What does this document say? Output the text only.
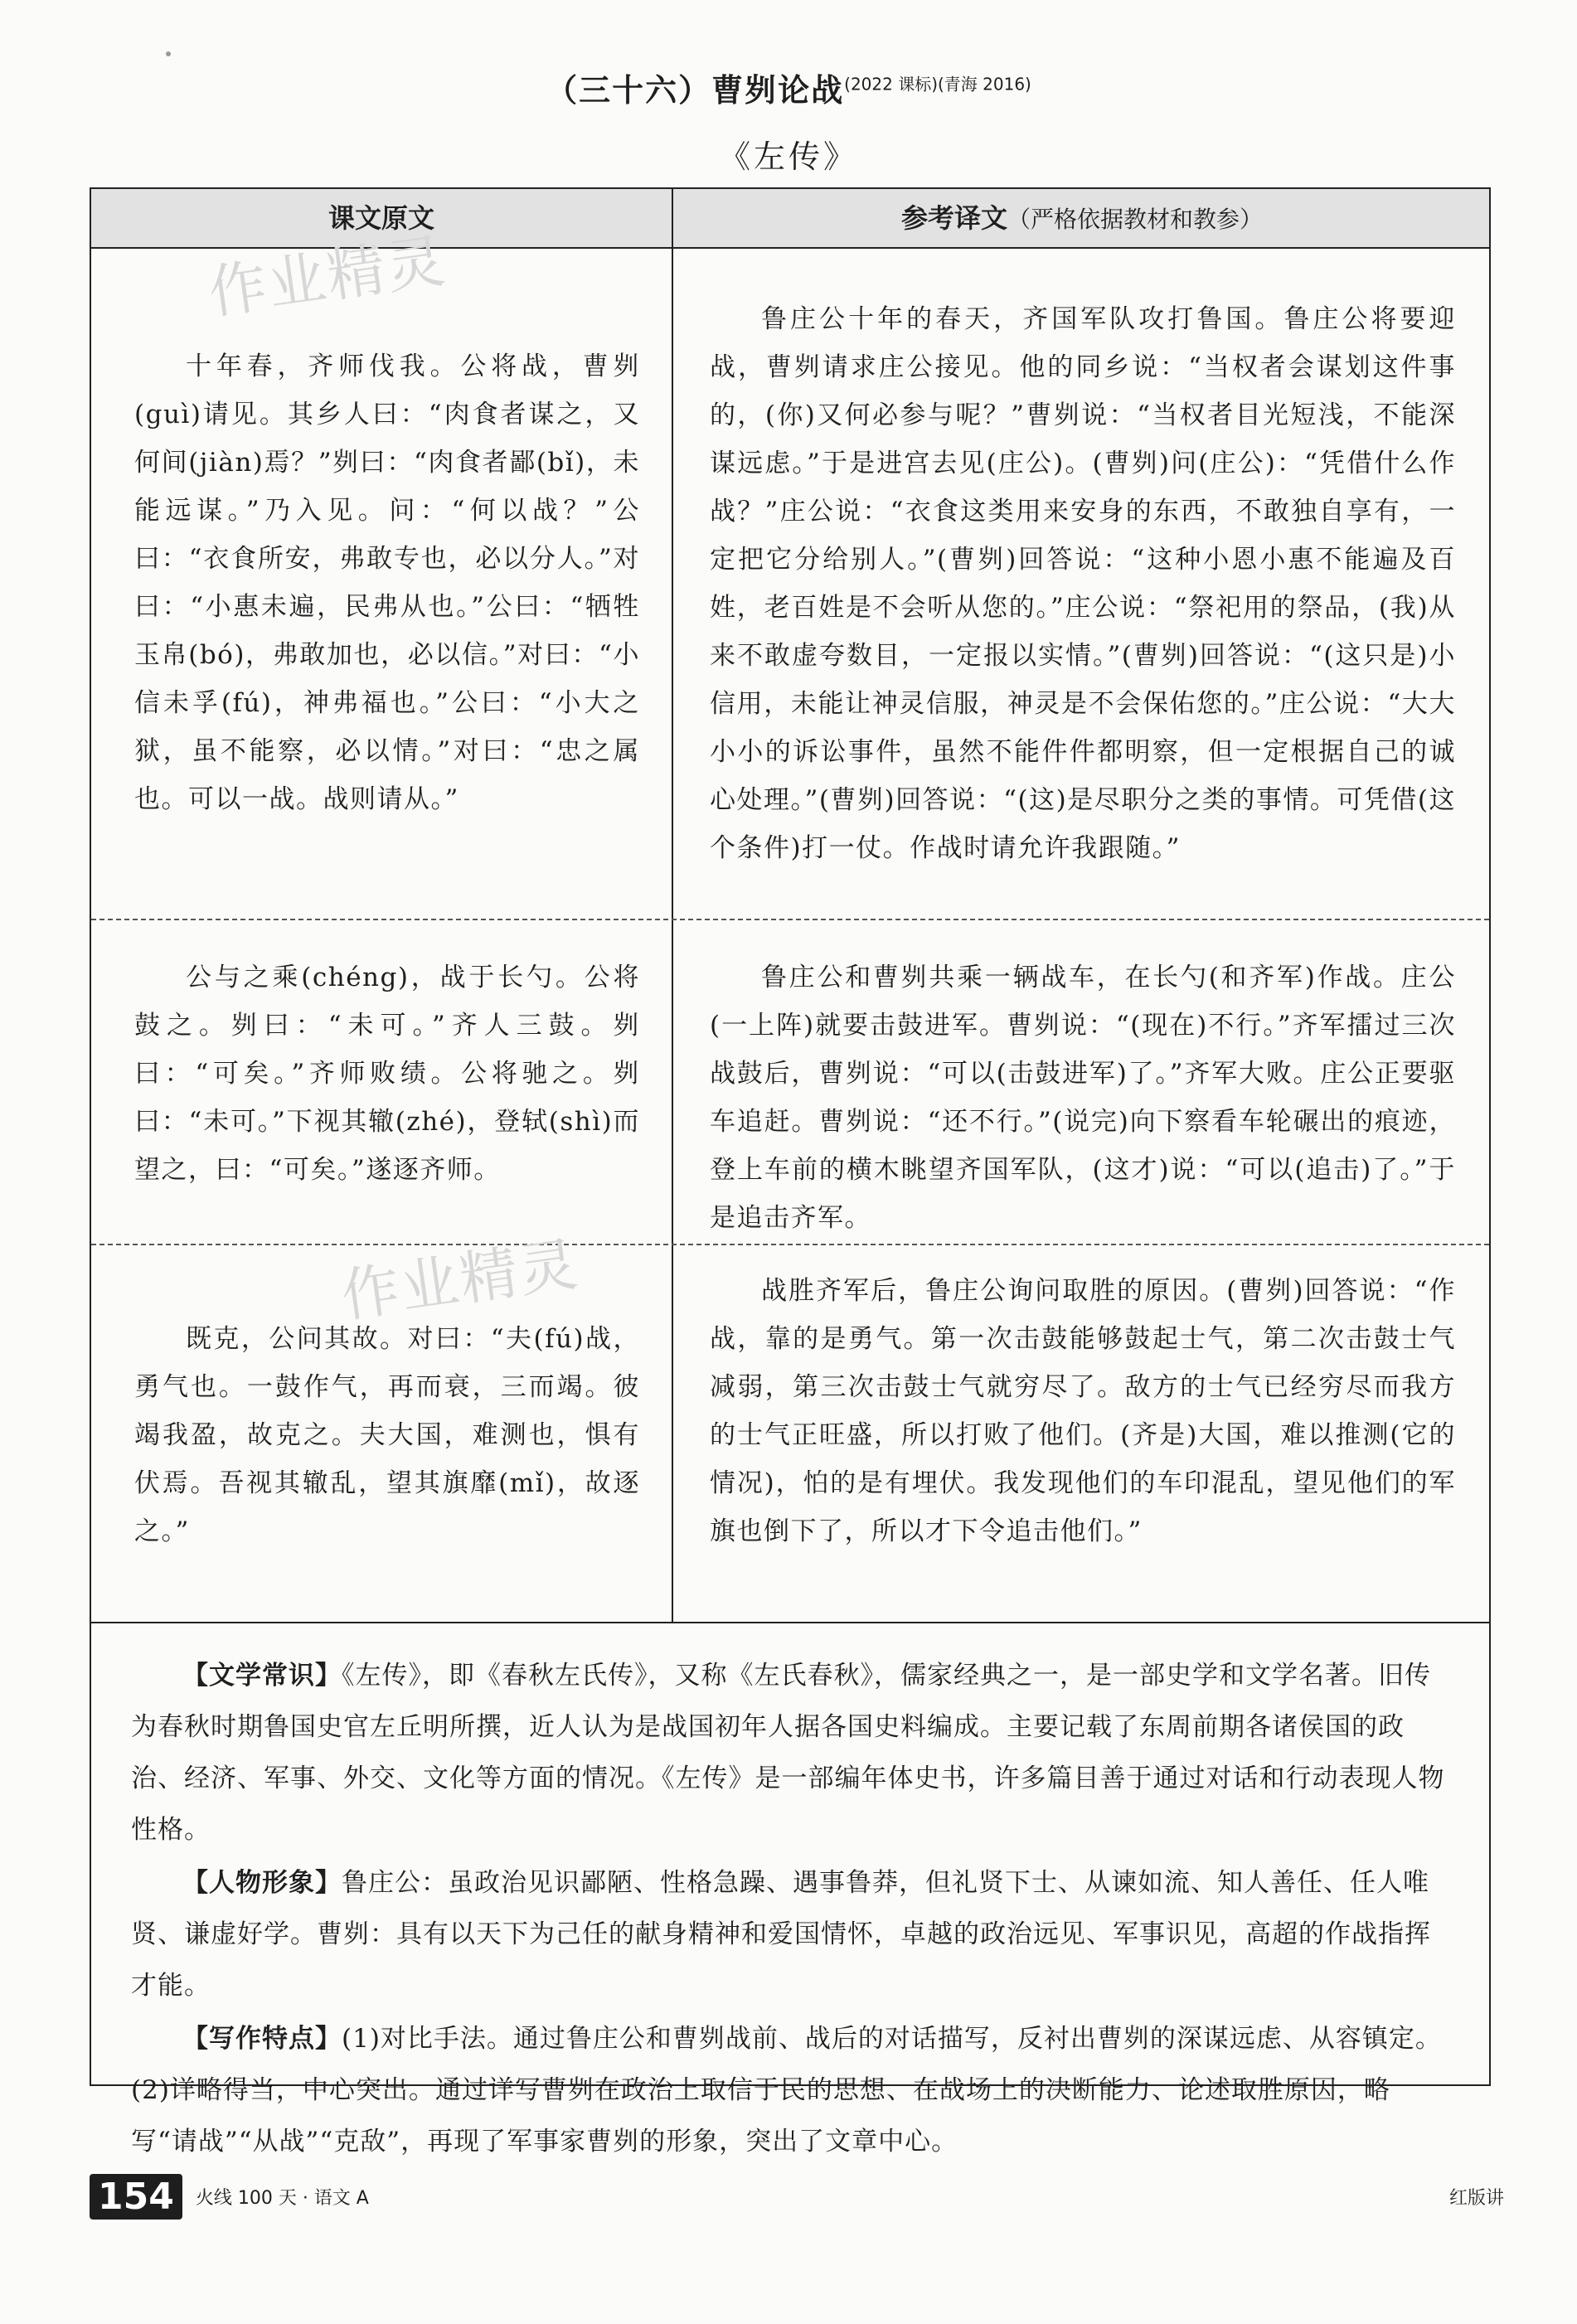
（三十六）曹刿论战$^{(2022 课标)(青海 2016)}$
《左传》
课文原文	参考译文（严格依据教材和教参）

十年春，齐师伐我。公将战，曹刿(guì)请见。其乡人曰：“肉食者谋之，又何间(jiàn)焉？”刿曰：“肉食者鄙(bǐ)，未能远谋。”乃入见。问：“何以战？”公曰：“衣食所安，弗敢专也，必以分人。”对曰：“小惠未遍，民弗从也。”公曰：“牺牲玉帛(bó)，弗敢加也，必以信。”对曰：“小信未孚(fú)，神弗福也。”公曰：“小大之狱，虽不能察，必以情。”对曰：“忠之属也。可以一战。战则请从。”

鲁庄公十年的春天，齐国军队攻打鲁国。鲁庄公将要迎战，曹刿请求庄公接见。他的同乡说：“当权者会谋划这件事的，(你)又何必参与呢？”曹刿说：“当权者目光短浅，不能深谋远虑。”于是进宫去见(庄公)。(曹刿)问(庄公)：“凭借什么作战？”庄公说：“衣食这类用来安身的东西，不敢独自享有，一定把它分给别人。”(曹刿)回答说：“这种小恩小惠不能遍及百姓，老百姓是不会听从您的。”庄公说：“祭祀用的祭品，(我)从来不敢虚夸数目，一定报以实情。”(曹刿)回答说：“(这只是)小信用，未能让神灵信服，神灵是不会保佑您的。”庄公说：“大大小小的诉讼事件，虽然不能件件都明察，但一定根据自己的诚心处理。”(曹刿)回答说：“(这)是尽职分之类的事情。可凭借(这个条件)打一仗。作战时请允许我跟随。”

公与之乘(chéng)，战于长勺。公将鼓之。刿曰：“未可。”齐人三鼓。刿曰：“可矣。”齐师败绩。公将驰之。刿曰：“未可。”下视其辙(zhé)，登轼(shì)而望之，曰：“可矣。”遂逐齐师。

鲁庄公和曹刿共乘一辆战车，在长勺(和齐军)作战。庄公(一上阵)就要击鼓进军。曹刿说：“(现在)不行。”齐军擂过三次战鼓后，曹刿说：“可以(击鼓进军)了。”齐军大败。庄公正要驱车追赶。曹刿说：“还不行。”(说完)向下察看车轮碾出的痕迹，登上车前的横木眺望齐国军队，(这才)说：“可以(追击)了。”于是追击齐军。

既克，公问其故。对曰：“夫(fú)战，勇气也。一鼓作气，再而衰，三而竭。彼竭我盈，故克之。夫大国，难测也，惧有伏焉。吾视其辙乱，望其旗靡(mǐ)，故逐之。”

战胜齐军后，鲁庄公询问取胜的原因。(曹刿)回答说：“作战，靠的是勇气。第一次击鼓能够鼓起士气，第二次击鼓士气减弱，第三次击鼓士气就穷尽了。敌方的士气已经穷尽而我方的士气正旺盛，所以打败了他们。(齐是)大国，难以推测(它的情况)，怕的是有埋伏。我发现他们的车印混乱，望见他们的军旗也倒下了，所以才下令追击他们。”

【文学常识】《左传》，即《春秋左氏传》，又称《左氏春秋》，儒家经典之一，是一部史学和文学名著。旧传为春秋时期鲁国史官左丘明所撰，近人认为是战国初年人据各国史料编成。主要记载了东周前期各诸侯国的政治、经济、军事、外交、文化等方面的情况。《左传》是一部编年体史书，许多篇目善于通过对话和行动表现人物性格。

【人物形象】鲁庄公：虽政治见识鄙陋、性格急躁、遇事鲁莽，但礼贤下士、从谏如流、知人善任、任人唯贤、谦虚好学。曹刿：具有以天下为己任的献身精神和爱国情怀，卓越的政治远见、军事识见，高超的作战指挥才能。

【写作特点】(1)对比手法。通过鲁庄公和曹刿战前、战后的对话描写，反衬出曹刿的深谋远虑、从容镇定。(2)详略得当，中心突出。通过详写曹刿在政治上取信于民的思想、在战场上的决断能力、论述取胜原因，略写“请战”“从战”“克敌”，再现了军事家曹刿的形象，突出了文章中心。

作业精灵
作业精灵
154 火线 100 天 · 语文 A	红版讲
